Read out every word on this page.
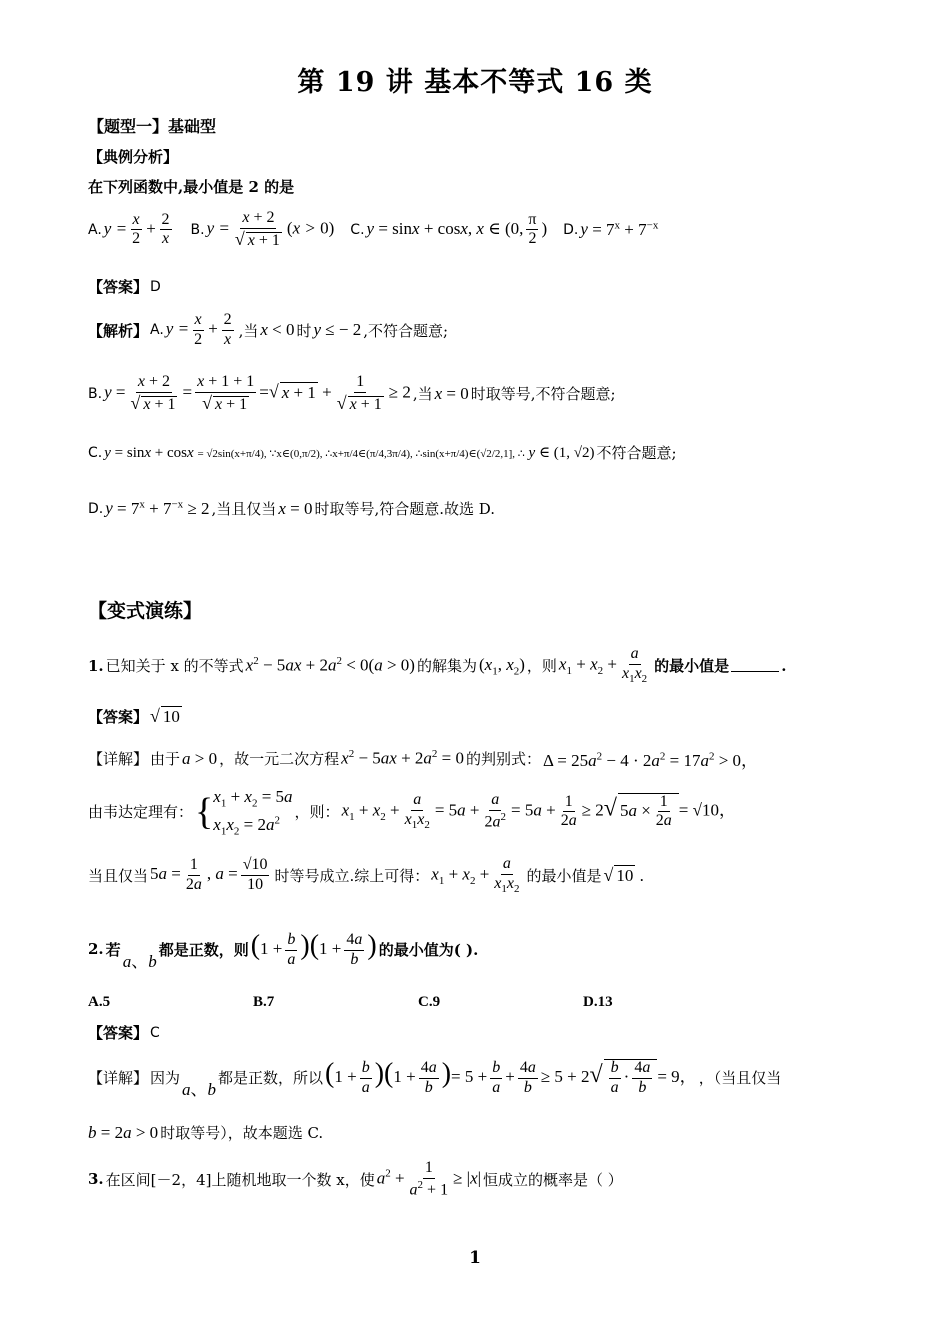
第 19 讲 基本不等式 16 类
【题型一】基础型
【典例分析】
在下列函数中,最小值是 2 的是
A. $y = \frac{x}{2} + \frac{2}{x} B$. $y = \frac{x + 2}{√ x + 1} (x > 0)$ C. y = sinx + cosx, x ∈ (0, $\frac{\pi}{2}$ ) D. $y = 7^x + 7^{-x}$
【答案】 D
【解析】 A. $y = \frac{x}{2} + \frac{2}{x}$ ,当 x < 0 时 y ≤ − 2 ,不符合题意;
B. $y = \frac{x + 2}{√ x + 1} = \frac{x + 1 + 1}{√ x + 1}$ =√ $x + 1 + \frac{1}{√ x + 1} \ge 2$ ,当 x = 0 时取等号,不符合题意;
C. y = sinx + cosx = √2sin(x+π/4), ∵x∈(0,π/2), ∴x+π/4∈(π/4,3π/4), ∴sin(x+π/4)∈(√2/2,1], ∴ y ∈ (1, √2) 不符合题意;
D. $y = 7^x + 7^{-x} \ge 2$ ,当且仅当 x = 0 时取等号,符合题意.故选 D.
【变式演练】
1. 已知关于 x 的不等式 $x^2 - 5ax + 2a^2 < 0(a > 0)$ 的解集为 ($x_1$, $x_2$) ，则 $x_1 + x_2 + \frac{a}{x_1x_2}$ 的最小值是	.
【答案】 √ 10
【详解】 由于 a > 0 ，故一元二次方程 $x^2 - 5ax + 2a^2 = 0$ 的判别式： $\Delta = 25a^2 - 4 \cdot 2a^2 = 17a^2 > 0$，
由韦达定理有： { $x_1 + x_2 = 5a$
$x_1x_2 = 2a^2$ ，则： $x_1 + x_2 + \frac{a}{x_1x_2} = 5a + \frac{a}{2a^2} = 5a + \frac{1}{2a} \ge 2√$ $5a \times \frac{1}{2a} = √10$，
当且仅当 $5a = \frac{1}{2a}$ , $a = \frac{√10}{10}$ 时等号成立.综上可得： $x_1 + x_2 + \frac{a}{x_1x_2}$ 的最小值是 √ 10 .
2. 若
a、b
都是正数，则 $(1 + \frac{b}{a} )(1 + \frac{4a}{b}$ ) 的最小值为( ).
A.5	B.7	C.9	D.13
【答案】 C
【详解】 因为
a、b
都是正数，所以 $(1 + \frac{b}{a} )(1 + \frac{4a}{b}$ )= $5 + \frac{b}{a} + \frac{4a}{b} \ge 5 + 2√ \frac{b}{a} \cdot \frac{4a}{b} = 9$， ，（当且仅当
b = 2a > 0 时取等号），故本题选 C.
3. 在区间[－2，4]上随机地取一个数 x，使 $a^2 + \frac{1}{a^2 + 1} \ge |x|$ 恒成立的概率是（ ）
1
